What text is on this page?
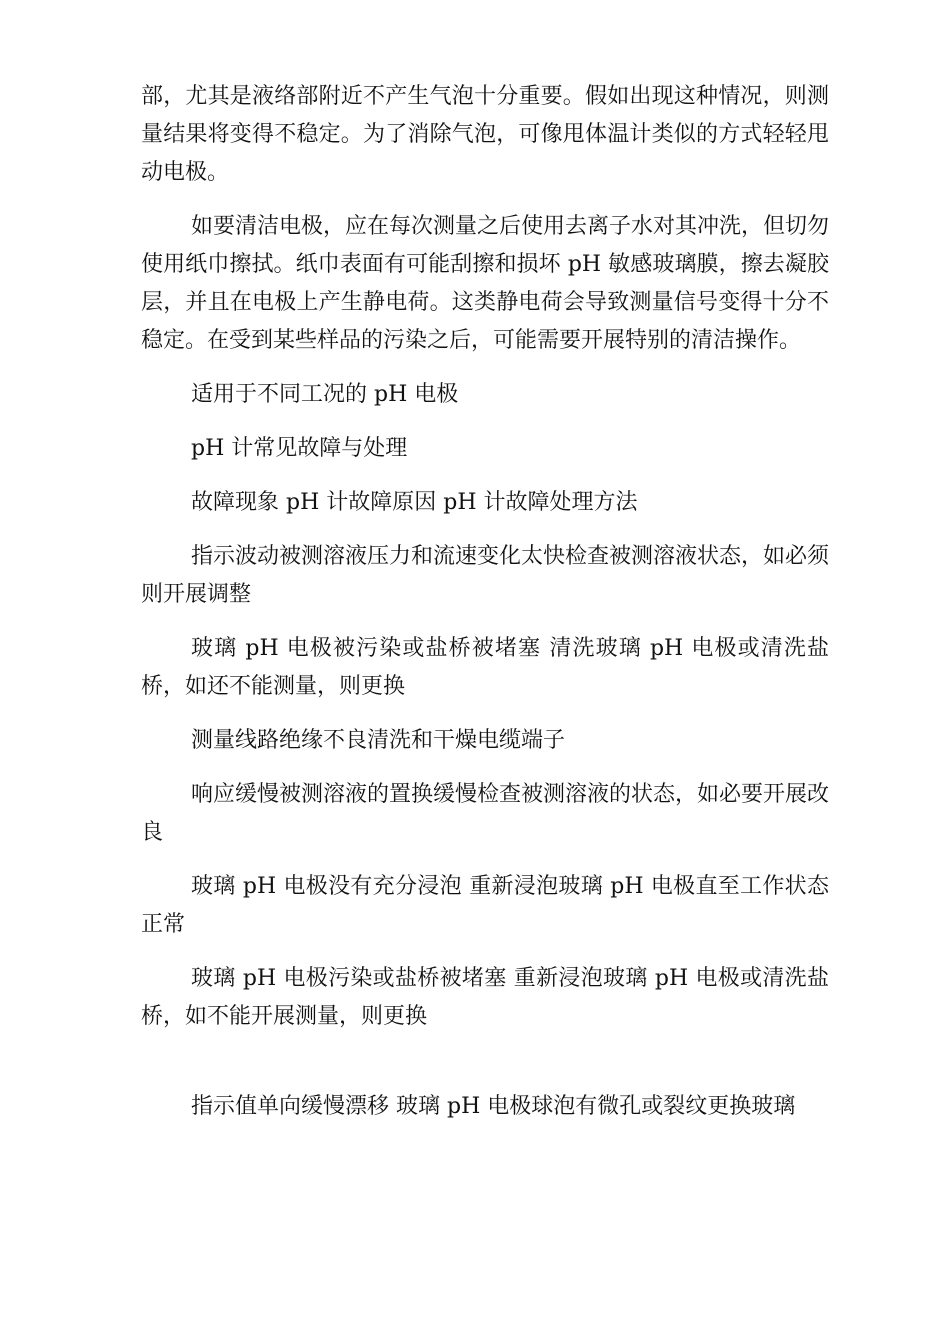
部，尤其是液络部附近不产生气泡十分重要。假如出现这种情况，则测量结果将变得不稳定。为了消除气泡，可像甩体温计类似的方式轻轻甩动电极。

如要清洁电极，应在每次测量之后使用去离子水对其冲洗，但切勿使用纸巾擦拭。纸巾表面有可能刮擦和损坏 pH 敏感玻璃膜，擦去凝胶层，并且在电极上产生静电荷。这类静电荷会导致测量信号变得十分不稳定。在受到某些样品的污染之后，可能需要开展特别的清洁操作。

适用于不同工况的 pH 电极

pH 计常见故障与处理

故障现象 pH 计故障原因 pH 计故障处理方法

指示波动被测溶液压力和流速变化太快检查被测溶液状态，如必须则开展调整

玻璃 pH 电极被污染或盐桥被堵塞 清洗玻璃 pH 电极或清洗盐桥，如还不能测量，则更换

测量线路绝缘不良清洗和干燥电缆端子

响应缓慢被测溶液的置换缓慢检查被测溶液的状态，如必要开展改良

玻璃 pH 电极没有充分浸泡 重新浸泡玻璃 pH 电极直至工作状态正常

玻璃 pH 电极污染或盐桥被堵塞 重新浸泡玻璃 pH 电极或清洗盐桥，如不能开展测量，则更换

指示值单向缓慢漂移 玻璃 pH 电极球泡有微孔或裂纹更换玻璃
